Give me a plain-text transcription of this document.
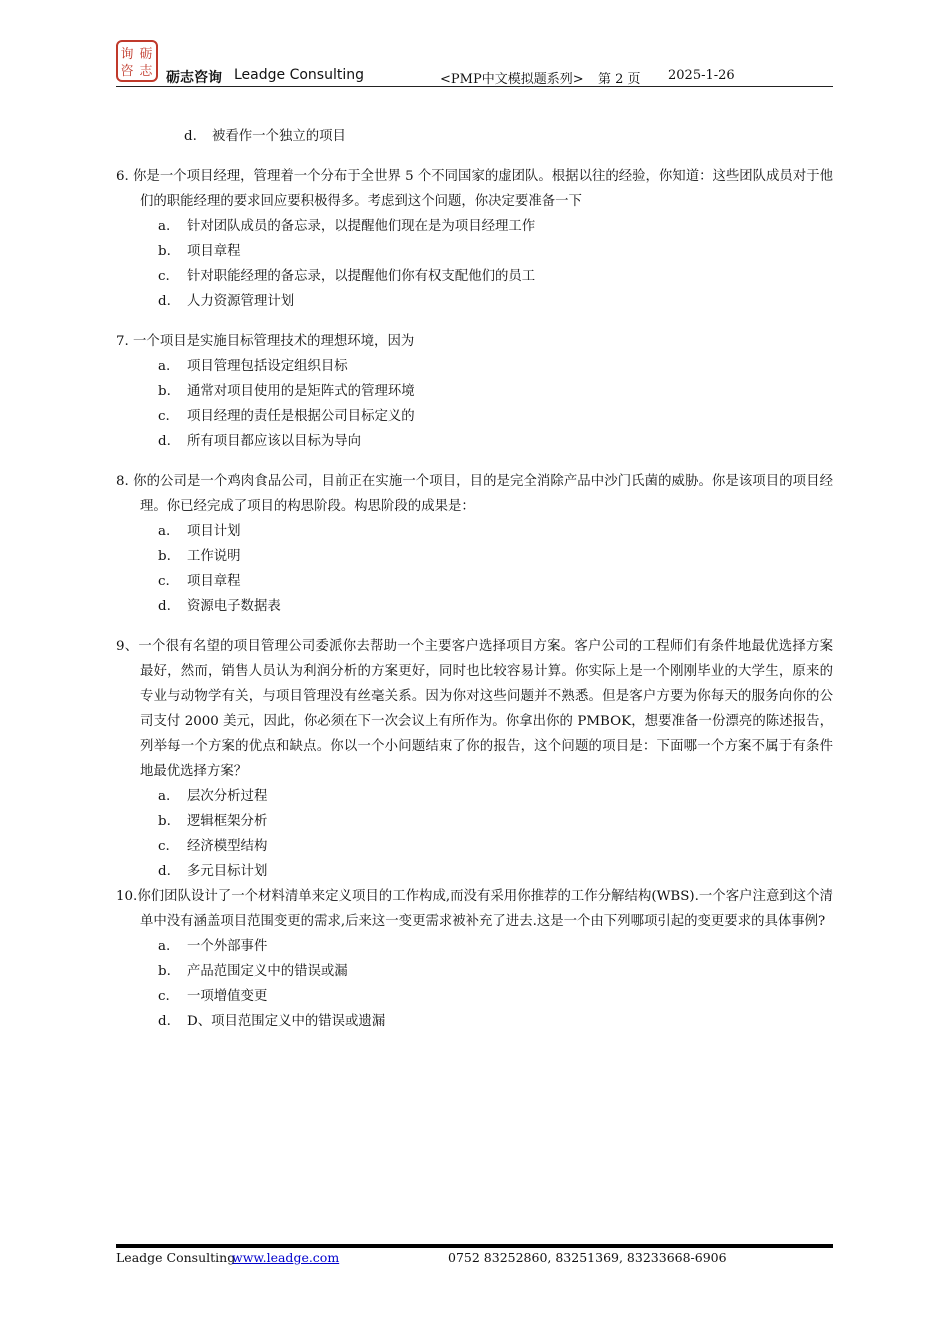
询 砺
咨 志 砺志咨询 Leadge Consulting	<PMP中文模拟题系列> 第 2 页 2025-1-26
d. 被看作一个独立的项目
6. 你是一个项目经理，管理着一个分布于全世界 5 个不同国家的虚团队。根据以往的经验，你知道：这些团队成员对于他们的职能经理的要求回应要积极得多。考虑到这个问题，你决定要准备一下
a. 针对团队成员的备忘录，以提醒他们现在是为项目经理工作
b. 项目章程
c. 针对职能经理的备忘录，以提醒他们你有权支配他们的员工
d. 人力资源管理计划
7. 一个项目是实施目标管理技术的理想环境，因为
a. 项目管理包括设定组织目标
b. 通常对项目使用的是矩阵式的管理环境
c. 项目经理的责任是根据公司目标定义的
d. 所有项目都应该以目标为导向
8. 你的公司是一个鸡肉食品公司，目前正在实施一个项目，目的是完全消除产品中沙门氏菌的威胁。你是该项目的项目经理。你已经完成了项目的构思阶段。构思阶段的成果是：
a. 项目计划
b. 工作说明
c. 项目章程
d. 资源电子数据表
9、一个很有名望的项目管理公司委派你去帮助一个主要客户选择项目方案。客户公司的工程师们有条件地最优选择方案最好，然而，销售人员认为利润分析的方案更好，同时也比较容易计算。你实际上是一个刚刚毕业的大学生，原来的专业与动物学有关，与项目管理没有丝毫关系。因为你对这些问题并不熟悉。但是客户方要为你每天的服务向你的公司支付 2000 美元，因此，你必须在下一次会议上有所作为。你拿出你的 PMBOK，想要准备一份漂亮的陈述报告，列举每一个方案的优点和缺点。你以一个小问题结束了你的报告，这个问题的项目是：下面哪一个方案不属于有条件地最优选择方案？
a. 层次分析过程
b. 逻辑框架分析
c. 经济模型结构
d. 多元目标计划
10.你们团队设计了一个材料清单来定义项目的工作构成,而没有采用你推荐的工作分解结构(WBS).一个客户注意到这个清单中没有涵盖项目范围变更的需求,后来这一变更需求被补充了进去.这是一个由下列哪项引起的变更要求的具体事例?
a. 一个外部事件
b. 产品范围定义中的错误或漏
c. 一项增值变更
d. D、项目范围定义中的错误或遗漏
Leadge Consulting
www.leadge.com	0752 83252860, 83251369, 83233668-6906
